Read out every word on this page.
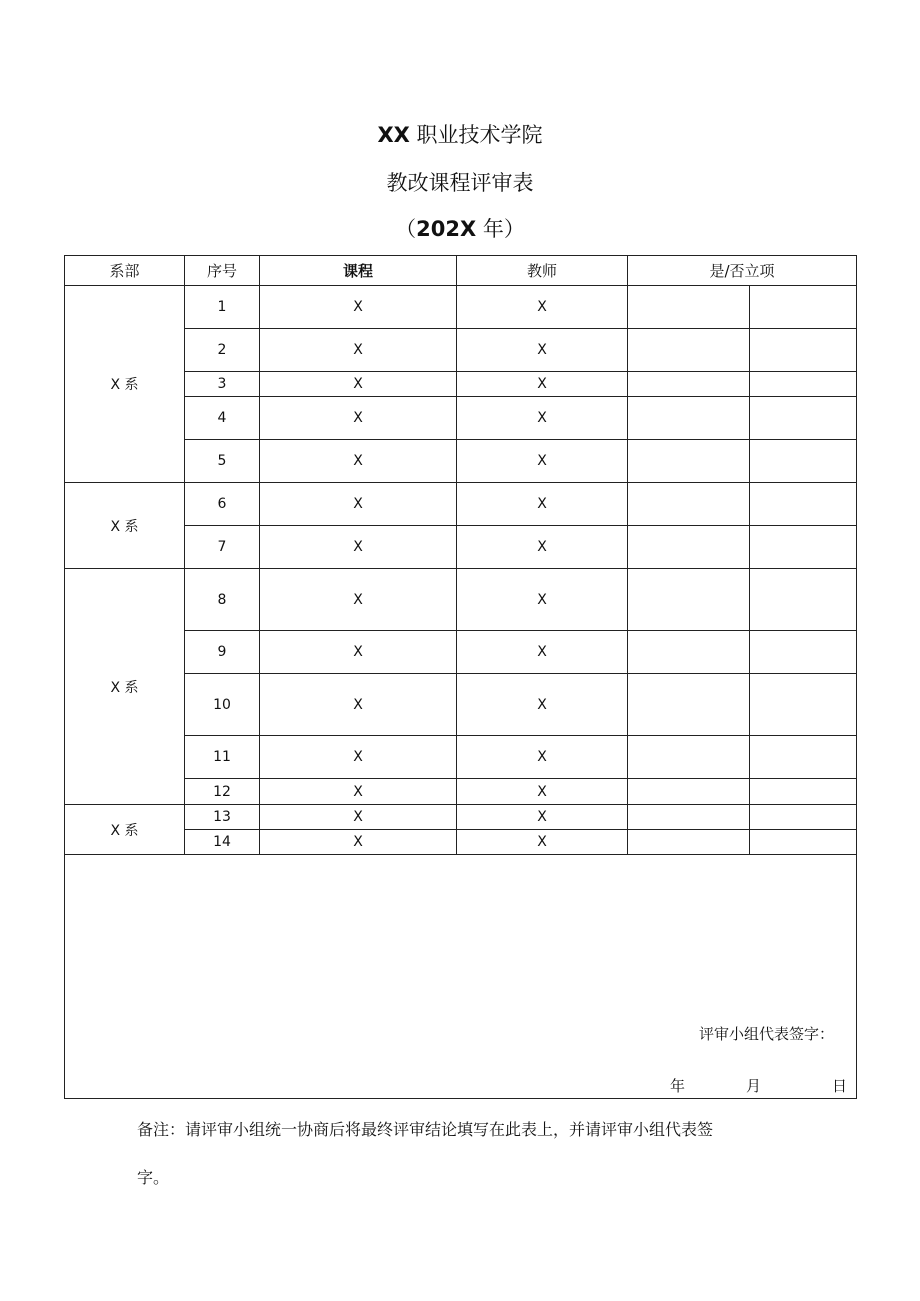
XX 职业技术学院
教改课程评审表
（202X 年）
系部	序号	课程	教师	是/否立项	
X 系	1	X	X		
	2	X	X		
	3	X	X		
	4	X	X		
	5	X	X		
X 系	6	X	X		
	7	X	X		
X 系	8	X	X		
	9	X	X		
	10	X	X		
	11	X	X		
	12	X	X		
X 系	13	X	X		
	14	X	X		

评审小组代表签字：
年 月 日					
备注：请评审小组统一协商后将最终评审结论填写在此表上，并请评审小组代表签
字。
